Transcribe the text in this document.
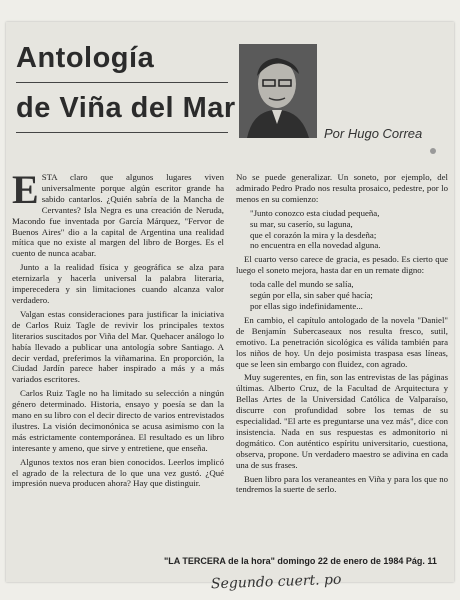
Antología
de Viña del Mar
Por Hugo Correa

ESTA claro que algunos lugares viven universalmente porque algún escritor grande ha sabido cantarlos. ¿Quién sabría de la Mancha de Cervantes? Isla Negra es una creación de Neruda, Macondo fue inventada por García Márquez, "Fervor de Buenos Aires" dio a la capital de Argentina una realidad mítica que no existe al margen del libro de Borges. Es el cuento de nunca acabar.

Junto a la realidad física y geográfica se alza para eternizarla y hacerla universal la palabra literaria, imperecedera y sin limitaciones cuando alcanza valor verdadero.

Valgan estas consideraciones para justificar la iniciativa de Carlos Ruiz Tagle de revivir los principales textos literarios suscitados por Viña del Mar. Quehacer análogo lo había llevado a publicar una antología sobre Santiago. A decir verdad, preferimos la viñamarina. En proporción, la Ciudad Jardín parece haber inspirado a más y a más variados escritores.

Carlos Ruiz Tagle no ha limitado su selección a ningún género determinado. Historia, ensayo y poesía se dan la mano en su libro con el decir directo de varios entrevistados ilustres. La visión decimonónica se acusa asimismo con la más estrictamente contemporánea. El resultado es un libro interesante y ameno, que sirve y entretiene, que enseña.

Algunos textos nos eran bien conocidos. Leerlos implicó el agrado de la relectura de lo que una vez gustó. ¿Qué impresión nueva producen ahora? Hay que distinguir.

No se puede generalizar. Un soneto, por ejemplo, del admirado Pedro Prado nos resulta prosaico, pedestre, por lo menos en su comienzo:

"Junto conozco esta ciudad pequeña,
su mar, su caserío, su laguna,
que el corazón la mira y la desdeña;
no encuentra en ella novedad alguna.

El cuarto verso carece de gracia, es pesado. Es cierto que luego el soneto mejora, hasta dar en un remate digno:

toda calle del mundo se salía,
según por ella, sin saber qué hacía;
por ellas sigo indefinidamente...

En cambio, el capítulo antologado de la novela "Daniel" de Benjamín Subercaseaux nos resulta fresco, sutil, emotivo. La penetración sicológica es válida también para los niños de hoy. Un dejo posimista traspasa esas líneas, que se leen sin embargo con fluidez, con agrado.

Muy sugerentes, en fin, son las entrevistas de las páginas últimas. Alberto Cruz, de la Facultad de Arquitectura y Bellas Artes de la Universidad Católica de Valparaíso, discurre con profundidad sobre los temas de su especialidad. "El arte es preguntarse una vez más", dice con insistencia. Nada en sus respuestas es admonitorio ni dogmático. Con auténtico espíritu universitario, cuestiona, observa, propone. Un verdadero maestro se adivina en cada una de sus frases.

Buen libro para los veraneantes en Viña y para los que no tendremos la suerte de serlo.

"LA TERCERA de la hora" domingo 22 de enero de 1984 Pág. 11
Segundo cuert. po
